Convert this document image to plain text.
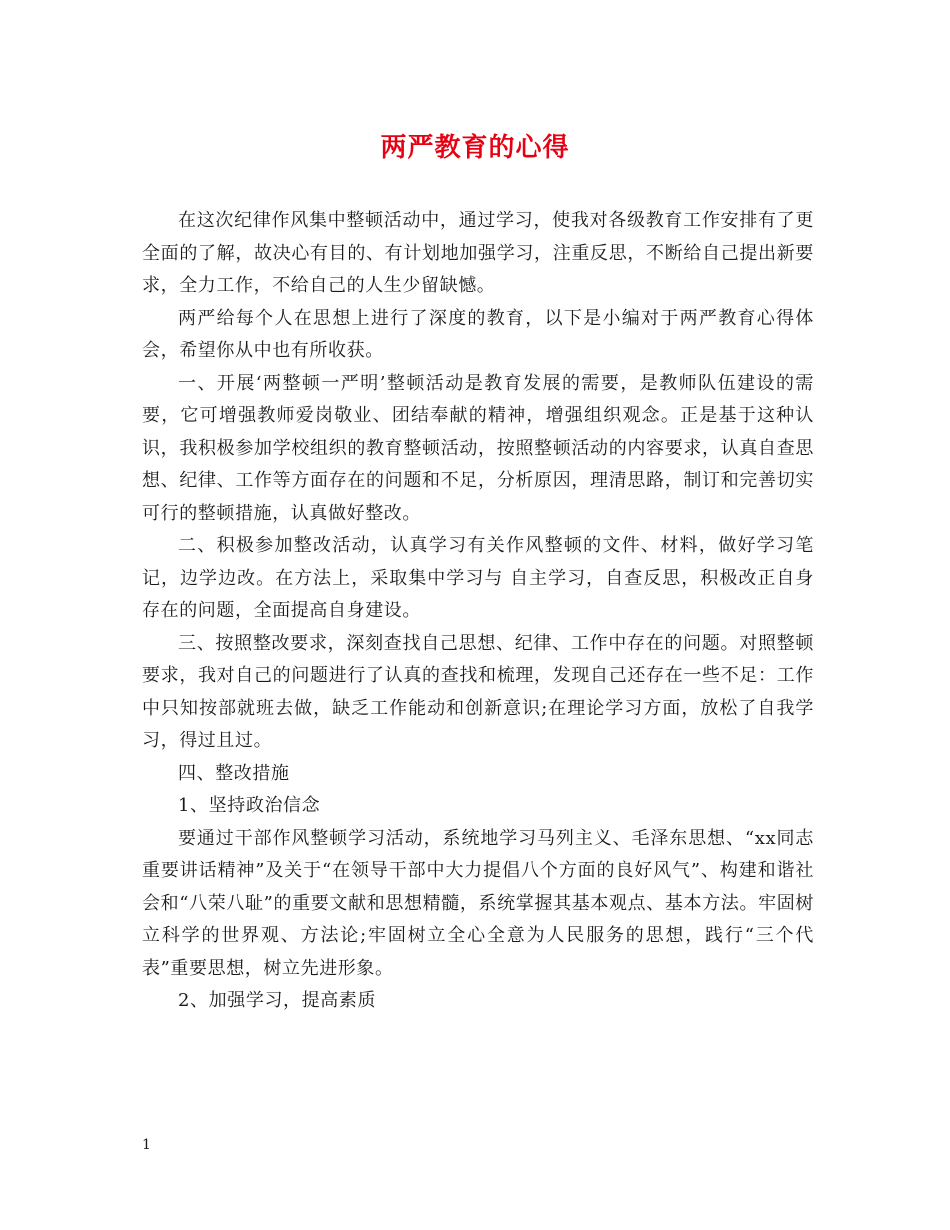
两严教育的心得

在这次纪律作风集中整顿活动中，通过学习，使我对各级教育工作安排有了更全面的了解，故决心有目的、有计划地加强学习，注重反思，不断给自己提出新要求，全力工作，不给自己的人生少留缺憾。

两严给每个人在思想上进行了深度的教育，以下是小编对于两严教育心得体会，希望你从中也有所收获。

一、开展‘两整顿一严明’整顿活动是教育发展的需要，是教师队伍建设的需要，它可增强教师爱岗敬业、团结奉献的精神，增强组织观念。正是基于这种认识，我积极参加学校组织的教育整顿活动，按照整顿活动的内容要求，认真自查思想、纪律、工作等方面存在的问题和不足，分析原因，理清思路，制订和完善切实可行的整顿措施，认真做好整改。

二、积极参加整改活动，认真学习有关作风整顿的文件、材料，做好学习笔记，边学边改。在方法上，采取集中学习与 自主学习，自查反思，积极改正自身存在的问题，全面提高自身建设。

三、按照整改要求，深刻查找自己思想、纪律、工作中存在的问题。对照整顿要求，我对自己的问题进行了认真的查找和梳理，发现自己还存在一些不足：工作中只知按部就班去做，缺乏工作能动和创新意识;在理论学习方面，放松了自我学习，得过且过。

四、整改措施

1、坚持政治信念

要通过干部作风整顿学习活动，系统地学习马列主义、毛泽东思想、“xx同志重要讲话精神”及关于“在领导干部中大力提倡八个方面的良好风气”、构建和谐社会和“八荣八耻”的重要文献和思想精髓，系统掌握其基本观点、基本方法。牢固树立科学的世界观、方法论;牢固树立全心全意为人民服务的思想，践行“三个代表”重要思想，树立先进形象。

2、加强学习，提高素质

1
